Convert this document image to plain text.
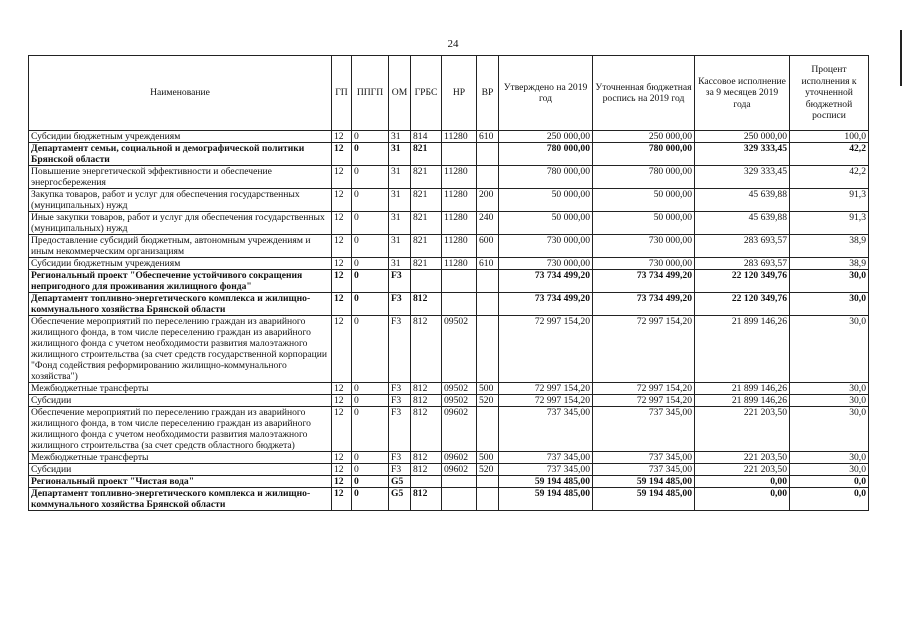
24
Наименование	ГП	ППГП	ОМ	ГРБС	НР	ВР	Утверждено на 2019 год	Уточненная бюджетная роспись на 2019 год	Кассовое исполнение за 9 месяцев 2019 года	Процент исполнения к уточненной бюджетной росписи
Субсидии бюджетным учреждениям	12	0	31	814	11280	610	250 000,00	250 000,00	250 000,00	100,0
Департамент семьи, социальной и демографической политики Брянской области	12	0	31	821			780 000,00	780 000,00	329 333,45	42,2
Повышение энергетической эффективности и обеспечение энергосбережения	12	0	31	821	11280		780 000,00	780 000,00	329 333,45	42,2
Закупка товаров, работ и услуг для обеспечения государственных (муниципальных) нужд	12	0	31	821	11280	200	50 000,00	50 000,00	45 639,88	91,3
Иные закупки товаров, работ и услуг для обеспечения государственных (муниципальных) нужд	12	0	31	821	11280	240	50 000,00	50 000,00	45 639,88	91,3
Предоставление субсидий бюджетным, автономным учреждениям и иным некоммерческим организациям	12	0	31	821	11280	600	730 000,00	730 000,00	283 693,57	38,9
Субсидии бюджетным учреждениям	12	0	31	821	11280	610	730 000,00	730 000,00	283 693,57	38,9
Региональный проект "Обеспечение устойчивого сокращения непригодного для проживания жилищного фонда"	12	0	F3				73 734 499,20	73 734 499,20	22 120 349,76	30,0
Департамент топливно-энергетического комплекса и жилищно-коммунального хозяйства Брянской области	12	0	F3	812			73 734 499,20	73 734 499,20	22 120 349,76	30,0
Обеспечение мероприятий по переселению граждан из аварийного жилищного фонда, в том числе переселению граждан из аварийного жилищного фонда с учетом необходимости развития малоэтажного жилищного строительства (за счет средств государственной корпорации "Фонд содействия реформированию жилищно-коммунального хозяйства")	12	0	F3	812	09502		72 997 154,20	72 997 154,20	21 899 146,26	30,0
Межбюджетные трансферты	12	0	F3	812	09502	500	72 997 154,20	72 997 154,20	21 899 146,26	30,0
Субсидии	12	0	F3	812	09502	520	72 997 154,20	72 997 154,20	21 899 146,26	30,0
Обеспечение мероприятий по переселению граждан из аварийного жилищного фонда, в том числе переселению граждан из аварийного жилищного фонда с учетом необходимости развития малоэтажного жилищного строительства (за счет средств областного бюджета)	12	0	F3	812	09602		737 345,00	737 345,00	221 203,50	30,0
Межбюджетные трансферты	12	0	F3	812	09602	500	737 345,00	737 345,00	221 203,50	30,0
Субсидии	12	0	F3	812	09602	520	737 345,00	737 345,00	221 203,50	30,0
Региональный проект "Чистая вода"	12	0	G5				59 194 485,00	59 194 485,00	0,00	0,0
Департамент топливно-энергетического комплекса и жилищно-коммунального хозяйства Брянской области	12	0	G5	812			59 194 485,00	59 194 485,00	0,00	0,0
